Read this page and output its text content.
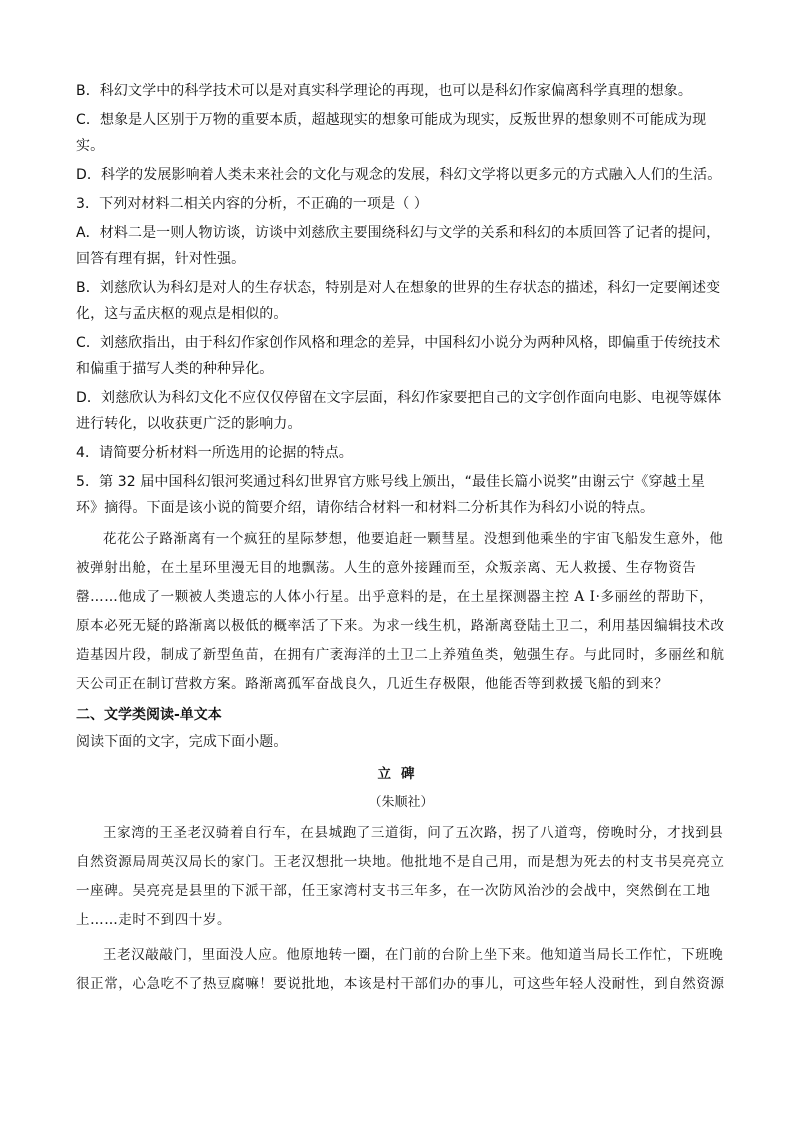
B．科幻文学中的科学技术可以是对真实科学理论的再现，也可以是科幻作家偏离科学真理的想象。

C．想象是人区别于万物的重要本质，超越现实的想象可能成为现实，反叛世界的想象则不可能成为现实。

D．科学的发展影响着人类未来社会的文化与观念的发展，科幻文学将以更多元的方式融入人们的生活。

3．下列对材料二相关内容的分析，不正确的一项是（ ）

A．材料二是一则人物访谈，访谈中刘慈欣主要围绕科幻与文学的关系和科幻的本质回答了记者的提问，回答有理有据，针对性强。

B．刘慈欣认为科幻是对人的生存状态，特别是对人在想象的世界的生存状态的描述，科幻一定要阐述变化，这与孟庆枢的观点是相似的。

C．刘慈欣指出，由于科幻作家创作风格和理念的差异，中国科幻小说分为两种风格，即偏重于传统技术和偏重于描写人类的种种异化。

D．刘慈欣认为科幻文化不应仅仅停留在文字层面，科幻作家要把自己的文字创作面向电影、电视等媒体进行转化，以收获更广泛的影响力。

4．请简要分析材料一所选用的论据的特点。

5．第 32 届中国科幻银河奖通过科幻世界官方账号线上颁出，“最佳长篇小说奖”由谢云宁《穿越土星环》摘得。下面是该小说的简要介绍，请你结合材料一和材料二分析其作为科幻小说的特点。

花花公子路渐离有一个疯狂的星际梦想，他要追赶一颗彗星。没想到他乘坐的宇宙飞船发生意外，他被弹射出舱，在土星环里漫无目的地飘荡。人生的意外接踵而至，众叛亲离、无人救援、生存物资告罄……他成了一颗被人类遗忘的人体小行星。出乎意料的是，在土星探测器主控 A I·多丽丝的帮助下，原本必死无疑的路渐离以极低的概率活了下来。为求一线生机，路渐离登陆土卫二，利用基因编辑技术改造基因片段，制成了新型鱼苗，在拥有广袤海洋的土卫二上养殖鱼类，勉强生存。与此同时，多丽丝和航天公司正在制订营救方案。路渐离孤军奋战良久，几近生存极限，他能否等到救援飞船的到来？

二、文学类阅读-单文本

阅读下面的文字，完成下面小题。

立碑

（朱顺社）

王家湾的王圣老汉骑着自行车，在县城跑了三道街，问了五次路，拐了八道弯，傍晚时分，才找到县自然资源局周英汉局长的家门。王老汉想批一块地。他批地不是自己用，而是想为死去的村支书吴亮亮立一座碑。吴亮亮是县里的下派干部，任王家湾村支书三年多，在一次防风治沙的会战中，突然倒在工地上……走时不到四十岁。

王老汉敲敲门，里面没人应。他原地转一圈，在门前的台阶上坐下来。他知道当局长工作忙，下班晚很正常，心急吃不了热豆腐嘛！要说批地，本该是村干部们办的事儿，可这些年轻人没耐性，到自然资源
